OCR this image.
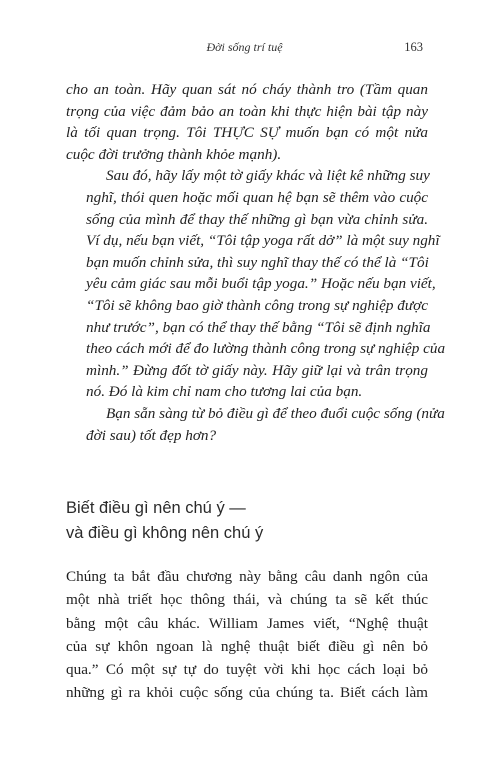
Đời sống trí tuệ	163

cho an toàn. Hãy quan sát nó cháy thành tro (Tầm quan
trọng của việc đảm bảo an toàn khi thực hiện bài tập này
là tối quan trọng. Tôi THỰC SỰ muốn bạn có một nửa
cuộc đời trưởng thành khỏe mạnh).

Sau đó, hãy lấy một tờ giấy khác và liệt kê những suy
nghĩ, thói quen hoặc mối quan hệ bạn sẽ thêm vào cuộc
sống của mình để thay thế những gì bạn vừa chỉnh sửa.
Ví dụ, nếu bạn viết, “Tôi tập yoga rất dở” là một suy nghĩ
bạn muốn chỉnh sửa, thì suy nghĩ thay thế có thể là “Tôi
yêu cảm giác sau mỗi buổi tập yoga.” Hoặc nếu bạn viết,
“Tôi sẽ không bao giờ thành công trong sự nghiệp được
như trước”, bạn có thể thay thế bằng “Tôi sẽ định nghĩa
theo cách mới để đo lường thành công trong sự nghiệp của
mình.” Đừng đốt tờ giấy này. Hãy giữ lại và trân trọng
nó. Đó là kim chỉ nam cho tương lai của bạn.

Bạn sẵn sàng từ bỏ điều gì để theo đuổi cuộc sống (nửa
đời sau) tốt đẹp hơn?

Biết điều gì nên chú ý —
và điều gì không nên chú ý
Chúng ta bắt đầu chương này bằng câu danh ngôn của
một nhà triết học thông thái, và chúng ta sẽ kết thúc
bằng một câu khác. William James viết, “Nghệ thuật
của sự khôn ngoan là nghệ thuật biết điều gì nên bỏ
qua.” Có một sự tự do tuyệt vời khi học cách loại bỏ
những gì ra khỏi cuộc sống của chúng ta. Biết cách làm
